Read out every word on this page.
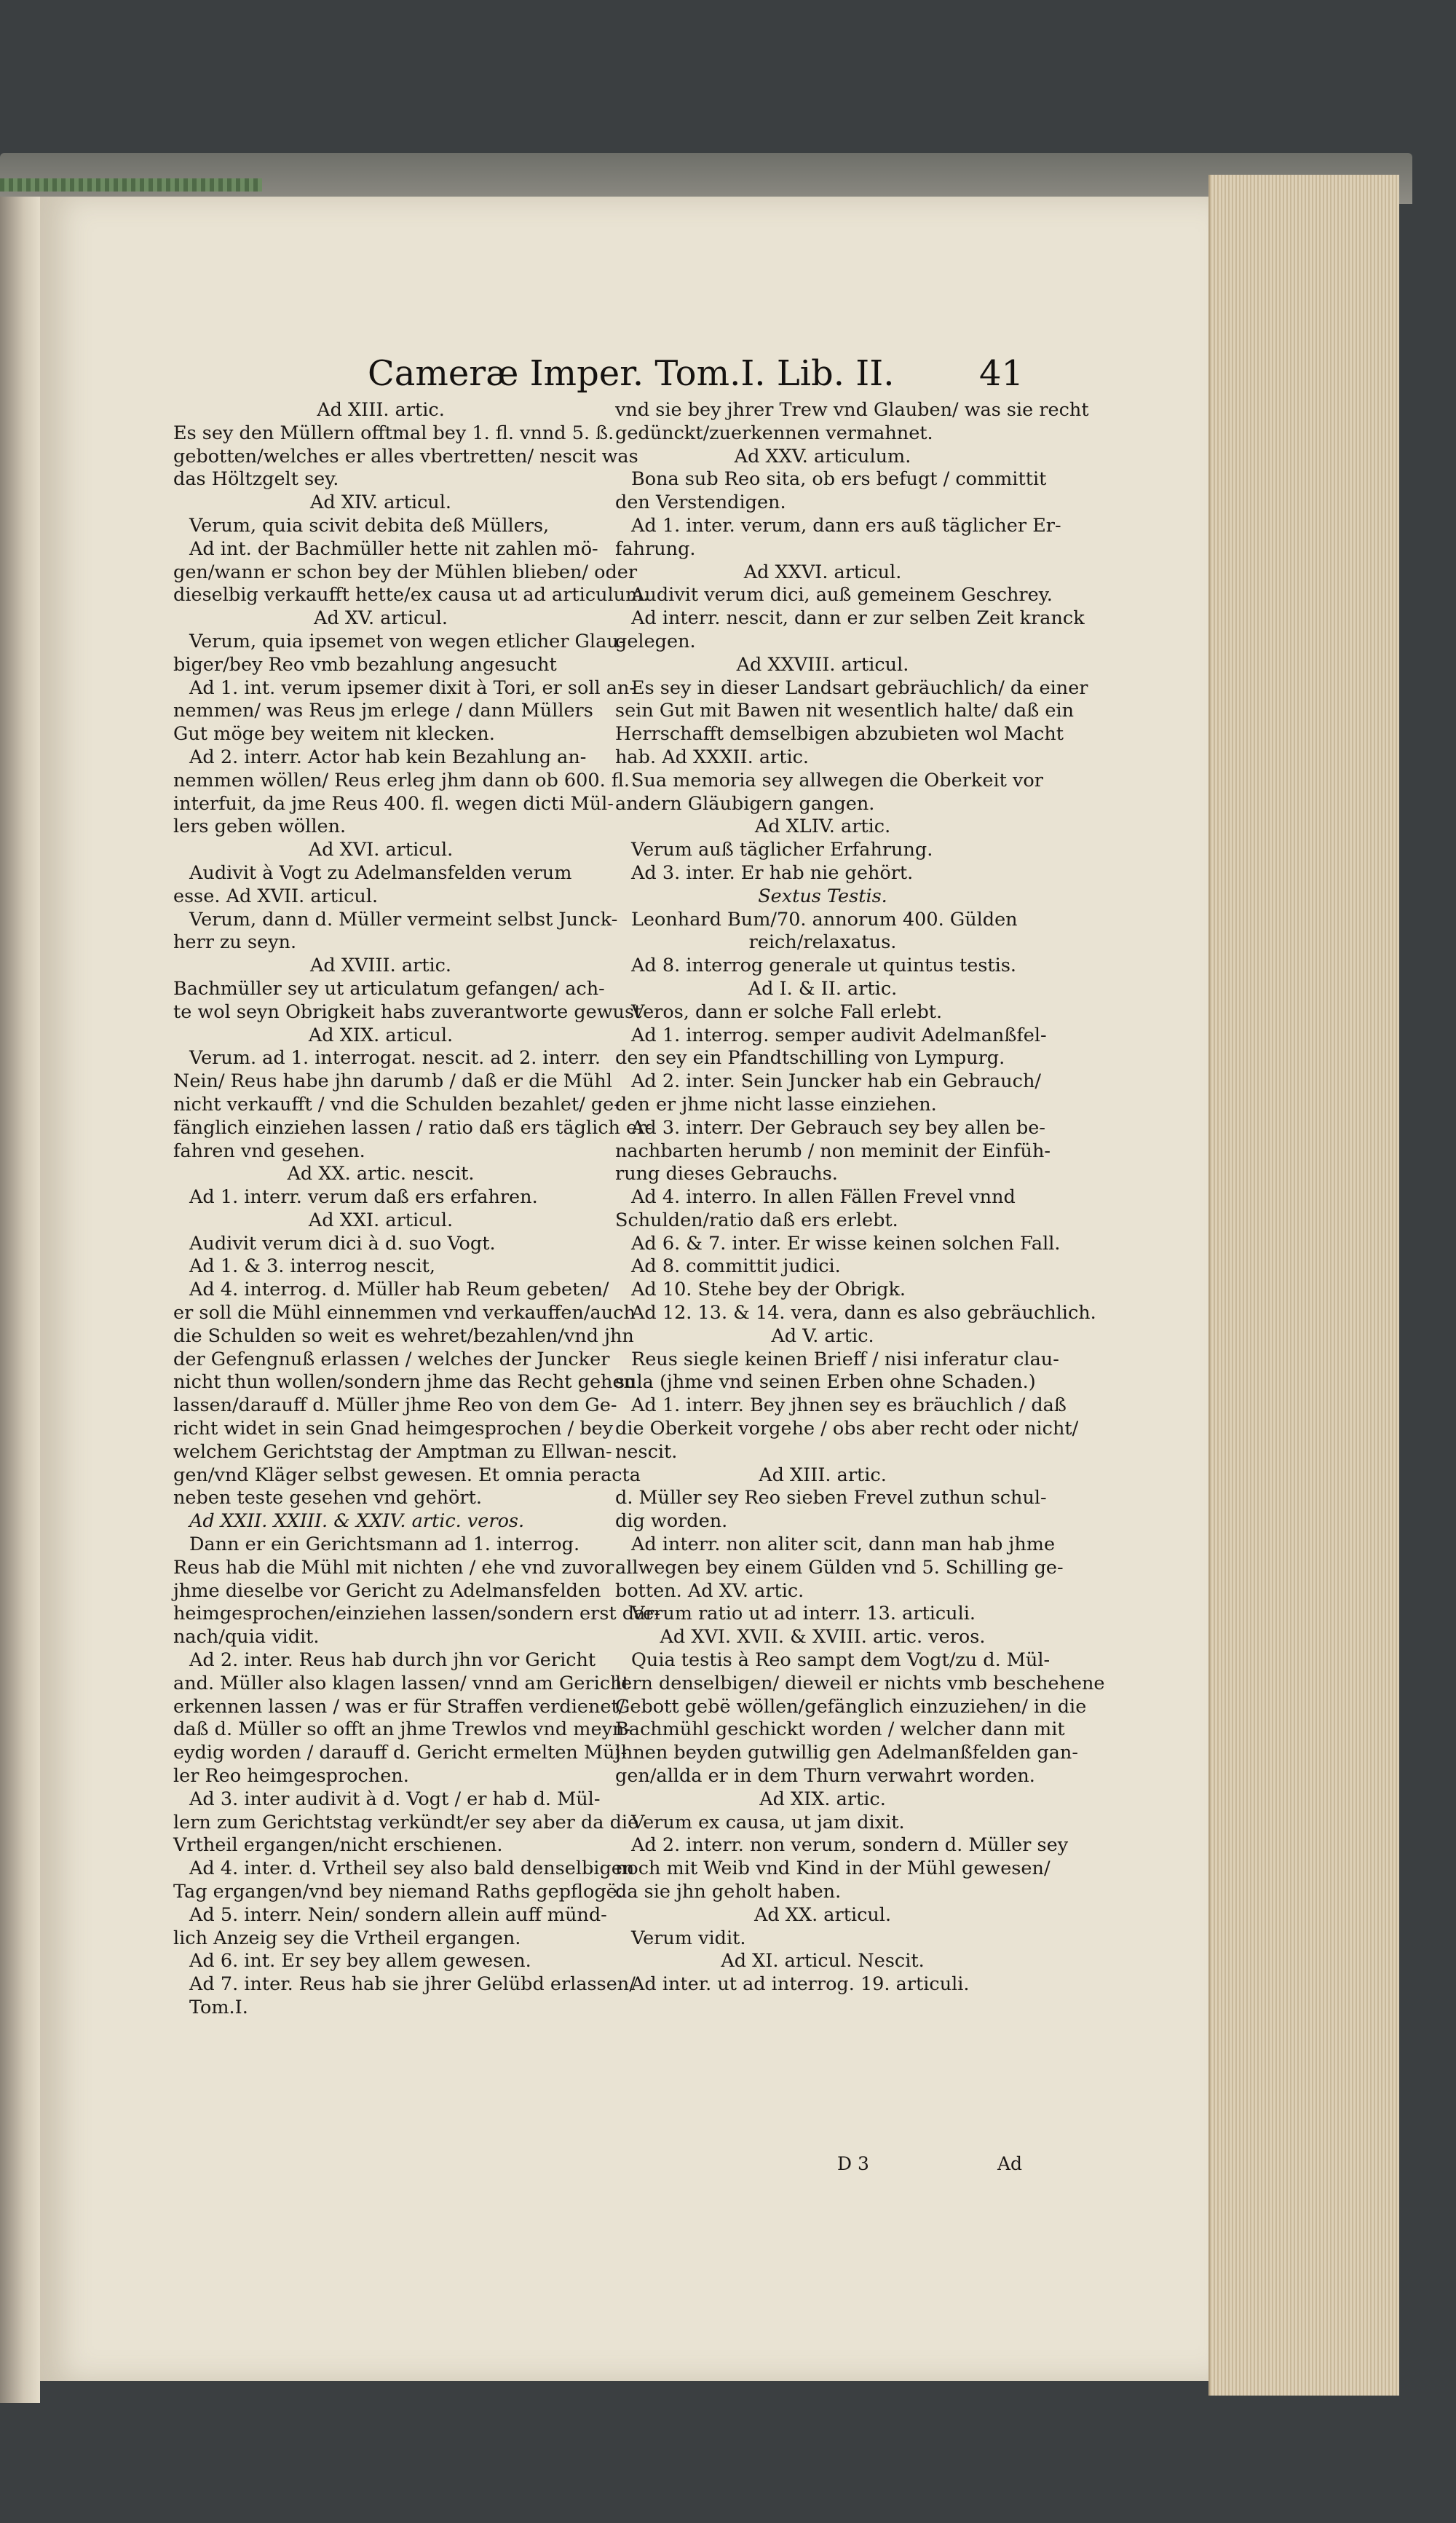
Cameræ Imper. Tom.I. Lib. II. 41
Ad XIII. artic.
Es sey den Müllern offtmal bey 1. fl. vnnd 5. ß.
gebotten/welches er alles vbertretten/ nescit was
das Höltzgelt sey.
Ad XIV. articul.
Verum, quia scivit debita deß Müllers,
Ad int. der Bachmüller hette nit zahlen mö-
gen/wann er schon bey der Mühlen blieben/ oder
dieselbig verkaufft hette/ex causa ut ad articulum.
Ad XV. articul.
Verum, quia ipsemet von wegen etlicher Glau-
biger/bey Reo vmb bezahlung angesucht
Ad 1. int. verum ipsemer dixit à Tori, er soll an-
nemmen/ was Reus jm erlege / dann Müllers
Gut möge bey weitem nit klecken.
Ad 2. interr. Actor hab kein Bezahlung an-
nemmen wöllen/ Reus erleg jhm dann ob 600. fl.
interfuit, da jme Reus 400. fl. wegen dicti Mül-
lers geben wöllen.
Ad XVI. articul.
Audivit à Vogt zu Adelmansfelden verum
esse. Ad XVII. articul.
Verum, dann d. Müller vermeint selbst Junck-
herr zu seyn.
Ad XVIII. artic.
Bachmüller sey ut articulatum gefangen/ ach-
te wol seyn Obrigkeit habs zuverantworte gewust
Ad XIX. articul.
Verum. ad 1. interrogat. nescit. ad 2. interr.
Nein/ Reus habe jhn darumb / daß er die Mühl
nicht verkaufft / vnd die Schulden bezahlet/ ge-
fänglich einziehen lassen / ratio daß ers täglich er-
fahren vnd gesehen.
Ad XX. artic. nescit.
Ad 1. interr. verum daß ers erfahren.
Ad XXI. articul.
Audivit verum dici à d. suo Vogt.
Ad 1. & 3. interrog nescit,
Ad 4. interrog. d. Müller hab Reum gebeten/
er soll die Mühl einnemmen vnd verkauffen/auch
die Schulden so weit es wehret/bezahlen/vnd jhn
der Gefengnuß erlassen / welches der Juncker
nicht thun wollen/sondern jhme das Recht gehen
lassen/darauff d. Müller jhme Reo von dem Ge-
richt widet in sein Gnad heimgesprochen / bey
welchem Gerichtstag der Amptman zu Ellwan-
gen/vnd Kläger selbst gewesen. Et omnia peracta
neben teste gesehen vnd gehört.
Ad XXII. XXIII. & XXIV. artic. veros.
Dann er ein Gerichtsmann ad 1. interrog.
Reus hab die Mühl mit nichten / ehe vnd zuvor
jhme dieselbe vor Gericht zu Adelmansfelden
heimgesprochen/einziehen lassen/sondern erst dar-
nach/quia vidit.
Ad 2. inter. Reus hab durch jhn vor Gericht
and. Müller also klagen lassen/ vnnd am Gericht
erkennen lassen / was er für Straffen verdienet/
daß d. Müller so offt an jhme Trewlos vnd meyn-
eydig worden / darauff d. Gericht ermelten Mül-
ler Reo heimgesprochen.
Ad 3. inter audivit à d. Vogt / er hab d. Mül-
lern zum Gerichtstag verkündt/er sey aber da die
Vrtheil ergangen/nicht erschienen.
Ad 4. inter. d. Vrtheil sey also bald denselbigen
Tag ergangen/vnd bey niemand Raths gepflogë.
Ad 5. interr. Nein/ sondern allein auff münd-
lich Anzeig sey die Vrtheil ergangen.
Ad 6. int. Er sey bey allem gewesen.
Ad 7. inter. Reus hab sie jhrer Gelübd erlassen/
Tom.I.
vnd sie bey jhrer Trew vnd Glauben/ was sie recht
gedünckt/zuerkennen vermahnet.
Ad XXV. articulum.
Bona sub Reo sita, ob ers befugt / committit
den Verstendigen.
Ad 1. inter. verum, dann ers auß täglicher Er-
fahrung.
Ad XXVI. articul.
Audivit verum dici, auß gemeinem Geschrey.
Ad interr. nescit, dann er zur selben Zeit kranck
gelegen.
Ad XXVIII. articul.
Es sey in dieser Landsart gebräuchlich/ da einer
sein Gut mit Bawen nit wesentlich halte/ daß ein
Herrschafft demselbigen abzubieten wol Macht
hab. Ad XXXII. artic.
Sua memoria sey allwegen die Oberkeit vor
andern Gläubigern gangen.
Ad XLIV. artic.
Verum auß täglicher Erfahrung.
Ad 3. inter. Er hab nie gehört.
Sextus Testis.
Leonhard Bum/70. annorum 400. Gülden
reich/relaxatus.
Ad 8. interrog generale ut quintus testis.
Ad I. & II. artic.
Veros, dann er solche Fall erlebt.
Ad 1. interrog. semper audivit Adelmanßfel-
den sey ein Pfandtschilling von Lympurg.
Ad 2. inter. Sein Juncker hab ein Gebrauch/
den er jhme nicht lasse einziehen.
Ad 3. interr. Der Gebrauch sey bey allen be-
nachbarten herumb / non meminit der Einfüh-
rung dieses Gebrauchs.
Ad 4. interro. In allen Fällen Frevel vnnd
Schulden/ratio daß ers erlebt.
Ad 6. & 7. inter. Er wisse keinen solchen Fall.
Ad 8. committit judici.
Ad 10. Stehe bey der Obrigk.
Ad 12. 13. & 14. vera, dann es also gebräuchlich.
Ad V. artic.
Reus siegle keinen Brieff / nisi inferatur clau-
sula (jhme vnd seinen Erben ohne Schaden.)
Ad 1. interr. Bey jhnen sey es bräuchlich / daß
die Oberkeit vorgehe / obs aber recht oder nicht/
nescit.
Ad XIII. artic.
d. Müller sey Reo sieben Frevel zuthun schul-
dig worden.
Ad interr. non aliter scit, dann man hab jhme
allwegen bey einem Gülden vnd 5. Schilling ge-
botten. Ad XV. artic.
Verum ratio ut ad interr. 13. articuli.
Ad XVI. XVII. & XVIII. artic. veros.
Quia testis à Reo sampt dem Vogt/zu d. Mül-
lern denselbigen/ dieweil er nichts vmb beschehene
Gebott gebë wöllen/gefänglich einzuziehen/ in die
Bachmühl geschickt worden / welcher dann mit
jhnen beyden gutwillig gen Adelmanßfelden gan-
gen/allda er in dem Thurn verwahrt worden.
Ad XIX. artic.
Verum ex causa, ut jam dixit.
Ad 2. interr. non verum, sondern d. Müller sey
noch mit Weib vnd Kind in der Mühl gewesen/
da sie jhn geholt haben.
Ad XX. articul.
Verum vidit.
Ad XI. articul. Nescit.
Ad inter. ut ad interrog. 19. articuli.
D 3	Ad
